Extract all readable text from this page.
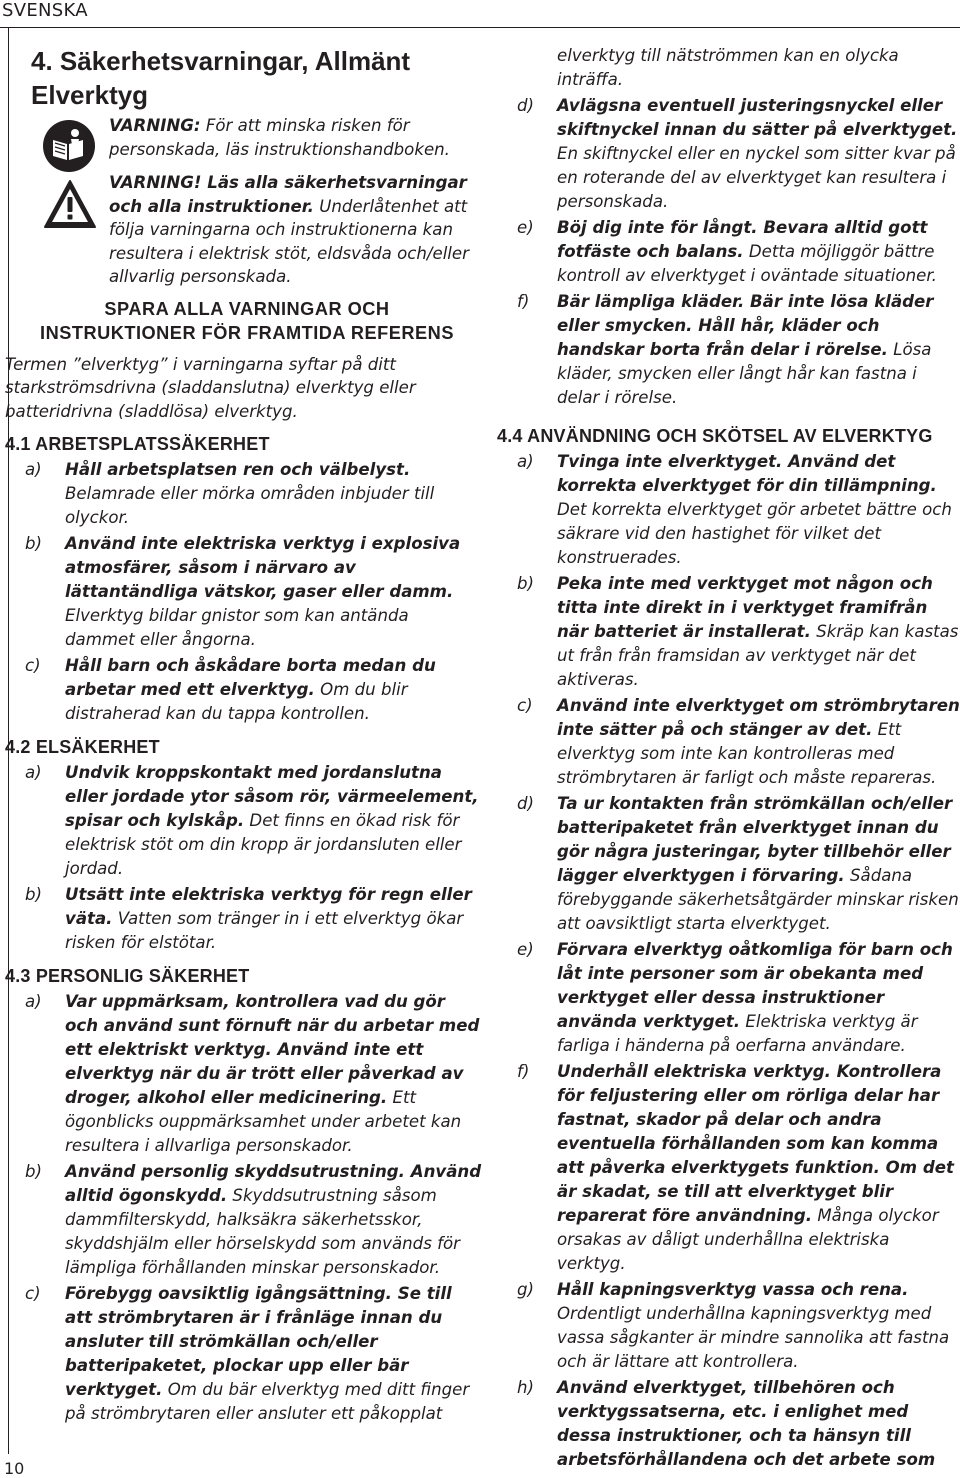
SVENSKA
10
4. Säkerhetsvarningar, Allmänt
Elverktyg
VARNING: För att minska risken för personskada, läs instruktionshandboken.
VARNING! Läs alla säkerhetsvarningar och alla instruktioner. Underlåtenhet att följa varningarna och instruktionerna kan resultera i elektrisk stöt, eldsvåda och/eller allvarlig personskada.
SPARA ALLA VARNINGAR OCH
INSTRUKTIONER FÖR FRAMTIDA REFERENS
Termen ”elverktyg” i varningarna syftar på ditt starkströmsdrivna (sladdanslutna) elverktyg eller batteridrivna (sladdlösa) elverktyg.
4.1 ARBETSPLATSSÄKERHET
a) Håll arbetsplatsen ren och välbelyst. Belamrade eller mörka områden inbjuder till olyckor.
b) Använd inte elektriska verktyg i explosiva atmosfärer, såsom i närvaro av lättantändliga vätskor, gaser eller damm. Elverktyg bildar gnistor som kan antända dammet eller ångorna.
c) Håll barn och åskådare borta medan du arbetar med ett elverktyg. Om du blir distraherad kan du tappa kontrollen.
4.2 ELSÄKERHET
a) Undvik kroppskontakt med jordanslutna eller jordade ytor såsom rör, värmeelement, spisar och kylskåp. Det finns en ökad risk för elektrisk stöt om din kropp är jordansluten eller jordad.
b) Utsätt inte elektriska verktyg för regn eller väta. Vatten som tränger in i ett elverktyg ökar risken för elstötar.
4.3 PERSONLIG SÄKERHET
a) Var uppmärksam, kontrollera vad du gör och använd sunt förnuft när du arbetar med ett elektriskt verktyg. Använd inte ett elverktyg när du är trött eller påverkad av droger, alkohol eller medicinering. Ett ögonblicks ouppmärksamhet under arbetet kan resultera i allvarliga personskador.
b) Använd personlig skyddsutrustning. Använd alltid ögonskydd. Skyddsutrustning såsom dammfilterskydd, halksäkra säkerhetsskor, skyddshjälm eller hörselskydd som används för lämpliga förhållanden minskar personskador.
c) Förebygg oavsiktlig igångsättning. Se till att strömbrytaren är i frånläge innan du ansluter till strömkällan och/eller batteripaketet, plockar upp eller bär verktyget. Om du bär elverktyg med ditt finger på strömbrytaren eller ansluter ett påkopplat
elverktyg till nätströmmen kan en olycka inträffa.
d) Avlägsna eventuell justeringsnyckel eller skiftnyckel innan du sätter på elverktyget. En skiftnyckel eller en nyckel som sitter kvar på en roterande del av elverktyget kan resultera i personskada.
e) Böj dig inte för långt. Bevara alltid gott fotfäste och balans. Detta möjliggör bättre kontroll av elverktyget i oväntade situationer.
f) Bär lämpliga kläder. Bär inte lösa kläder eller smycken. Håll hår, kläder och handskar borta från delar i rörelse. Lösa kläder, smycken eller långt hår kan fastna i delar i rörelse.
4.4 ANVÄNDNING OCH SKÖTSEL AV ELVERKTYG
a) Tvinga inte elverktyget. Använd det korrekta elverktyget för din tillämpning. Det korrekta elverktyget gör arbetet bättre och säkrare vid den hastighet för vilket det konstruerades.
b) Peka inte med verktyget mot någon och titta inte direkt in i verktyget framifrån när batteriet är installerat. Skräp kan kastas ut från från framsidan av verktyget när det aktiveras.
c) Använd inte elverktyget om strömbrytaren inte sätter på och stänger av det. Ett elverktyg som inte kan kontrolleras med strömbrytaren är farligt och måste repareras.
d) Ta ur kontakten från strömkällan och/eller batteripaketet från elverktyget innan du gör några justeringar, byter tillbehör eller lägger elverktygen i förvaring. Sådana förebyggande säkerhetsåtgärder minskar risken att oavsiktligt starta elverktyget.
e) Förvara elverktyg oåtkomliga för barn och låt inte personer som är obekanta med verktyget eller dessa instruktioner använda verktyget. Elektriska verktyg är farliga i händerna på oerfarna användare.
f) Underhåll elektriska verktyg. Kontrollera för feljustering eller om rörliga delar har fastnat, skador på delar och andra eventuella förhållanden som kan komma att påverka elverktygets funktion. Om det är skadat, se till att elverktyget blir reparerat före användning. Många olyckor orsakas av dåligt underhållna elektriska verktyg.
g) Håll kapningsverktyg vassa och rena. Ordentligt underhållna kapningsverktyg med vassa sågkanter är mindre sannolika att fastna och är lättare att kontrollera.
h) Använd elverktyget, tillbehören och verktygssatserna, etc. i enlighet med dessa instruktioner, och ta hänsyn till arbetsförhållandena och det arbete som
